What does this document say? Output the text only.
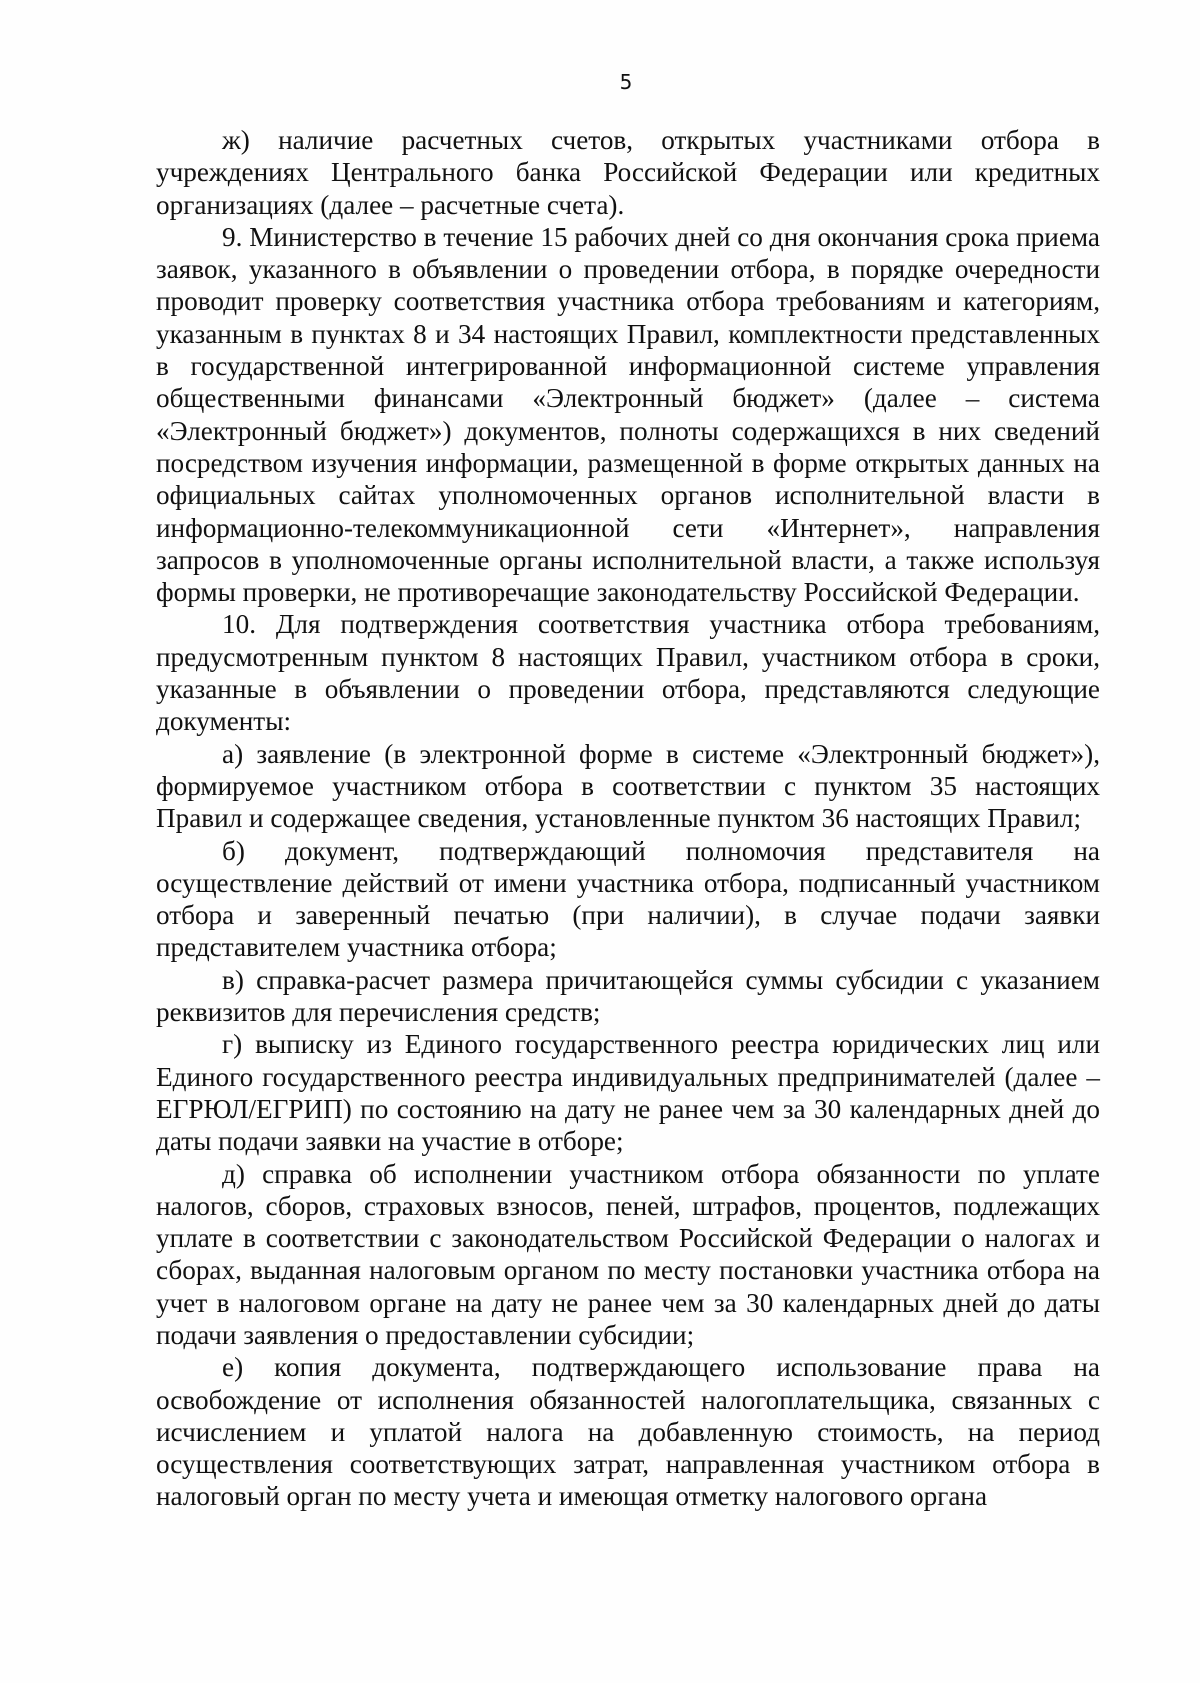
5

ж) наличие расчетных счетов, открытых участниками отбора в учреждениях Центрального банка Российской Федерации или кредитных организациях (далее – расчетные счета).

9. Министерство в течение 15 рабочих дней со дня окончания срока приема заявок, указанного в объявлении о проведении отбора, в порядке очередности проводит проверку соответствия участника отбора требованиям и категориям, указанным в пунктах 8 и 34 настоящих Правил, комплектности представленных в государственной интегрированной информационной системе управления общественными финансами «Электронный бюджет» (далее – система «Электронный бюджет») документов, полноты содержащихся в них сведений посредством изучения информации, размещенной в форме открытых данных на официальных сайтах уполномоченных органов исполнительной власти в информационно-телекоммуникационной сети «Интернет», направления запросов в уполномоченные органы исполнительной власти, а также используя формы проверки, не противоречащие законодательству Российской Федерации.

10. Для подтверждения соответствия участника отбора требованиям, предусмотренным пунктом 8 настоящих Правил, участником отбора в сроки, указанные в объявлении о проведении отбора, представляются следующие документы:

а) заявление (в электронной форме в системе «Электронный бюджет»), формируемое участником отбора в соответствии с пунктом 35 настоящих Правил и содержащее сведения, установленные пунктом 36 настоящих Правил;

б) документ, подтверждающий полномочия представителя на осуществление действий от имени участника отбора, подписанный участником отбора и заверенный печатью (при наличии), в случае подачи заявки представителем участника отбора;

в) справка-расчет размера причитающейся суммы субсидии с указанием реквизитов для перечисления средств;

г) выписку из Единого государственного реестра юридических лиц или Единого государственного реестра индивидуальных предпринимателей (далее – ЕГРЮЛ/ЕГРИП) по состоянию на дату не ранее чем за 30 календарных дней до даты подачи заявки на участие в отборе;

д) справка об исполнении участником отбора обязанности по уплате налогов, сборов, страховых взносов, пеней, штрафов, процентов, подлежащих уплате в соответствии с законодательством Российской Федерации о налогах и сборах, выданная налоговым органом по месту постановки участника отбора на учет в налоговом органе на дату не ранее чем за 30 календарных дней до даты подачи заявления о предоставлении субсидии;

е) копия документа, подтверждающего использование права на освобождение от исполнения обязанностей налогоплательщика, связанных с исчислением и уплатой налога на добавленную стоимость, на период осуществления соответствующих затрат, направленная участником отбора в налоговый орган по месту учета и имеющая отметку налогового органа
